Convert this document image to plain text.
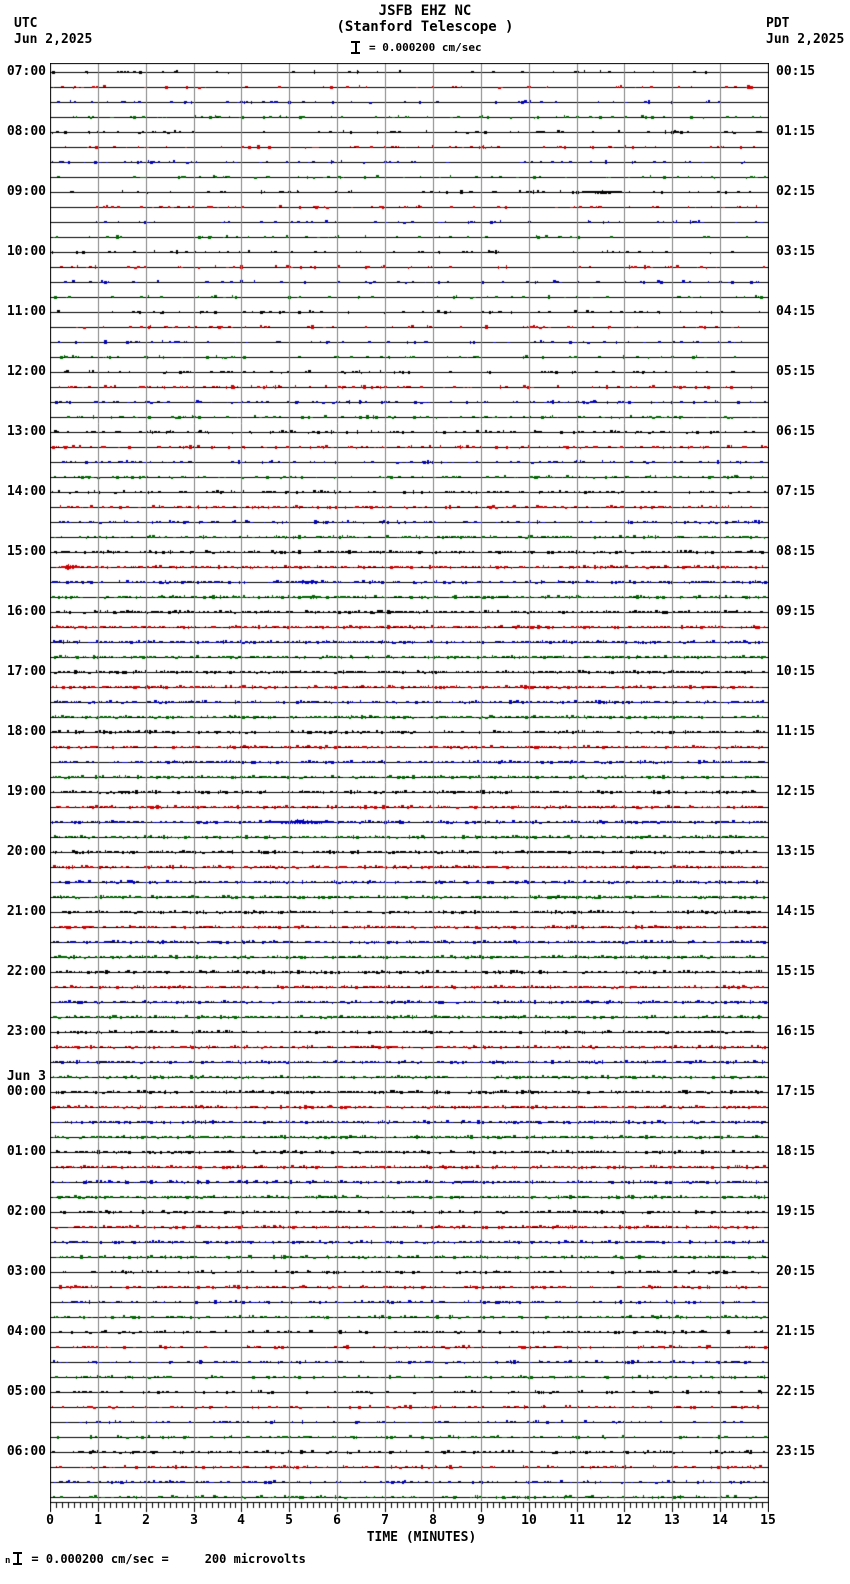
JSFB EHZ NC
(Stanford Telescope )
= 0.000200 cm/sec
UTC
Jun 2,2025
PDT
Jun 2,2025
07:00
08:00
09:00
10:00
11:00
12:00
13:00
14:00
15:00
16:00
17:00
18:00
19:00
20:00
21:00
22:00
23:00
Jun 3
00:00
01:00
02:00
03:00
04:00
05:00
06:00
00:15
01:15
02:15
03:15
04:15
05:15
06:15
07:15
08:15
09:15
10:15
11:15
12:15
13:15
14:15
15:15
16:15
17:15
18:15
19:15
20:15
21:15
22:15
23:15
0	1	2	3	4	5	6	7	8	9	10	11	12	13	14	15
TIME (MINUTES)
n = 0.000200 cm/sec =	200 microvolts
